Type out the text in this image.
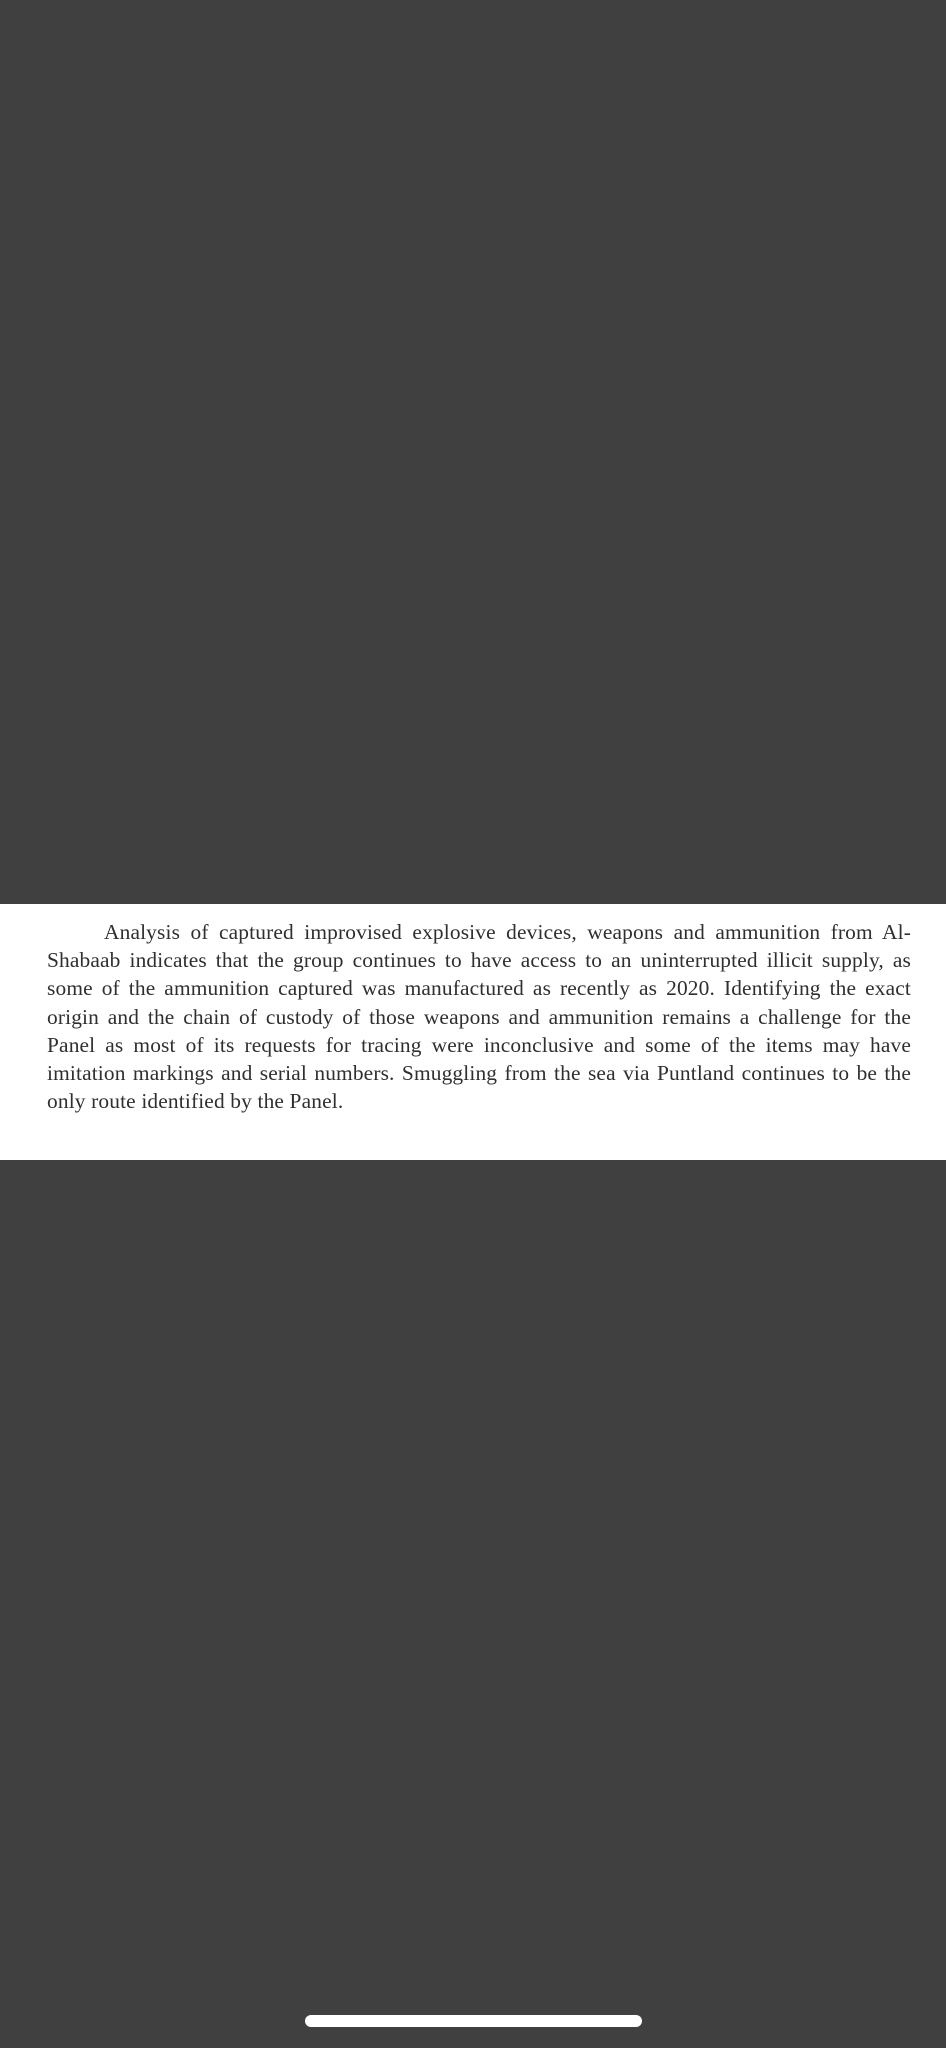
Analysis of captured improvised explosive devices, weapons and ammunition from Al-Shabaab indicates that the group continues to have access to an uninterrupted illicit supply, as some of the ammunition captured was manufactured as recently as 2020. Identifying the exact origin and the chain of custody of those weapons and ammunition remains a challenge for the Panel as most of its requests for tracing were inconclusive and some of the items may have imitation markings and serial numbers. Smuggling from the sea via Puntland continues to be the only route identified by the Panel.
